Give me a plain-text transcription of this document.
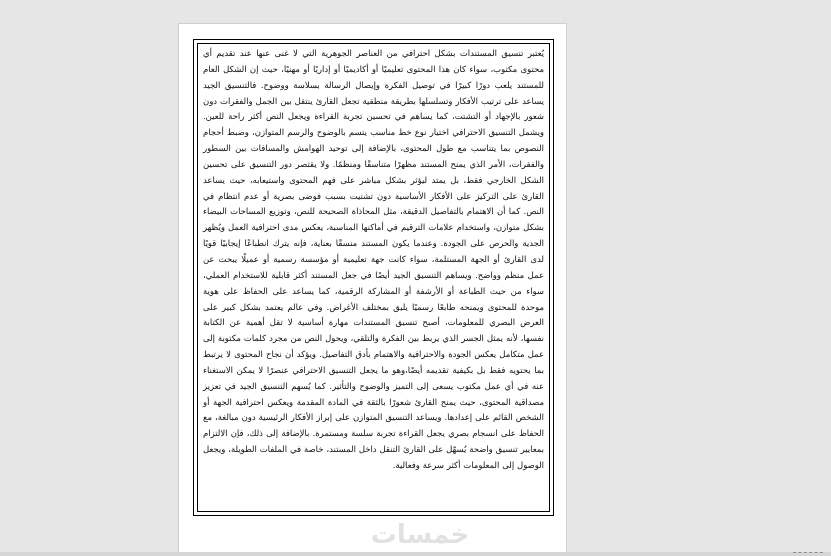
يُعتبر تنسيق المستندات بشكل احترافي من العناصر الجوهرية التي لا غنى عنها عند تقديم أي محتوى مكتوب، سواء كان هذا المحتوى تعليميًا أو أكاديميًا أو إداريًا أو مهنيًا، حيث إن الشكل العام للمستند يلعب دورًا كبيرًا في توصيل الفكرة وإيصال الرسالة بسلاسة ووضوح. فالتنسيق الجيد يساعد على ترتيب الأفكار وتسلسلها بطريقة منطقية تجعل القارئ ينتقل بين الجمل والفقرات دون شعور بالإجهاد أو التشتت، كما يساهم في تحسين تجربة القراءة ويجعل النص أكثر راحة للعين. ويشمل التنسيق الاحترافي اختيار نوع خط مناسب يتسم بالوضوح والرسم المتوازن، وضبط أحجام النصوص بما يتناسب مع طول المحتوى، بالإضافة إلى توحيد الهوامش والمسافات بين السطور والفقرات، الأمر الذي يمنح المستند مظهرًا متناسقًا ومنظمًا. ولا يقتصر دور التنسيق على تحسين الشكل الخارجي فقط، بل يمتد ليؤثر بشكل مباشر على فهم المحتوى واستيعابه، حيث يساعد القارئ على التركيز على الأفكار الأساسية دون تشتيت بسبب فوضى بصرية أو عدم انتظام في النص. كما أن الاهتمام بالتفاصيل الدقيقة، مثل المحاذاة الصحيحة للنص، وتوزيع المساحات البيضاء بشكل متوازن، واستخدام علامات الترقيم في أماكنها المناسبة، يعكس مدى احترافية العمل ويُظهر الجدية والحرص على الجودة. وعندما يكون المستند منسقًا بعناية، فإنه يترك انطباعًا إيجابيًا قويًا لدى القارئ أو الجهة المستلمة، سواء كانت جهة تعليمية أو مؤسسة رسمية أو عميلًا يبحث عن عمل منظم وواضح. ويساهم التنسيق الجيد أيضًا في جعل المستند أكثر قابلية للاستخدام العملي، سواء من حيث الطباعة أو الأرشفة أو المشاركة الرقمية، كما يساعد على الحفاظ على هوية موحدة للمحتوى ويمنحه طابعًا رسميًا يليق بمختلف الأغراض. وفي عالم يعتمد بشكل كبير على العرض البصري للمعلومات، أصبح تنسيق المستندات مهارة أساسية لا تقل أهمية عن الكتابة نفسها، لأنه يمثل الجسر الذي يربط بين الفكرة والتلقي، ويحول النص من مجرد كلمات مكتوبة إلى عمل متكامل يعكس الجودة والاحترافية والاهتمام بأدق التفاصيل. ويؤكد أن نجاح المحتوى لا يرتبط بما يحتويه فقط بل بكيفية تقديمه أيضًا،وهو ما يجعل التنسيق الاحترافي عنصرًا لا يمكن الاستغناء عنه في أي عمل مكتوب يسعى إلى التميز والوضوح والتأثير. كما يُسهم التنسيق الجيد في تعزيز مصداقية المحتوى، حيث يمنح القارئ شعورًا بالثقة في المادة المقدمة ويعكس احترافية الجهة أو الشخص القائم على إعدادها. ويساعد التنسيق المتوازن على إبراز الأفكار الرئيسية دون مبالغة، مع الحفاظ على انسجام بصري يجعل القراءة تجربة سلسة ومستمرة. بالإضافة إلى ذلك، فإن الالتزام بمعايير تنسيق واضحة يُسهّل على القارئ التنقل داخل المستند، خاصة في الملفات الطويلة، ويجعل الوصول إلى المعلومات أكثر سرعة وفعالية.

خمسات
